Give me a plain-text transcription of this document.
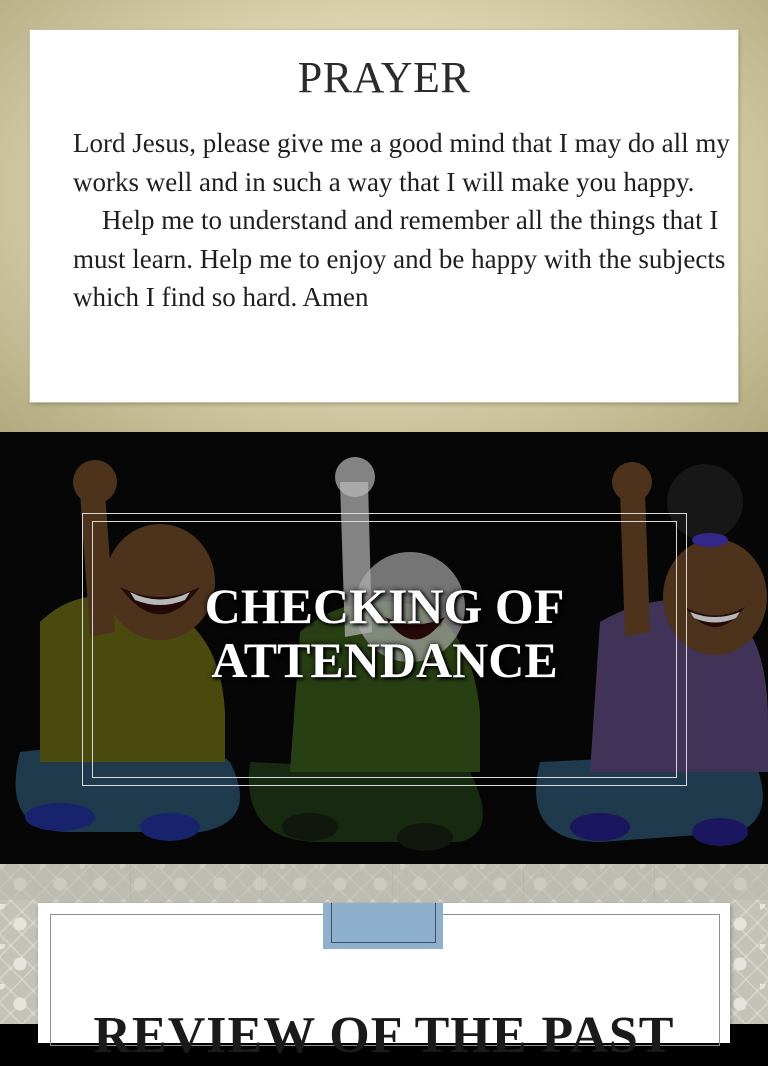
PRAYER

Lord Jesus, please give me a good mind that I may do all my works well and in such a way that I will make you happy.

Help me to understand and remember all the things that I must learn. Help me to enjoy and be happy with the subjects which I find so hard. Amen

CHECKING OF
ATTENDANCE
REVIEW OF THE PAST
